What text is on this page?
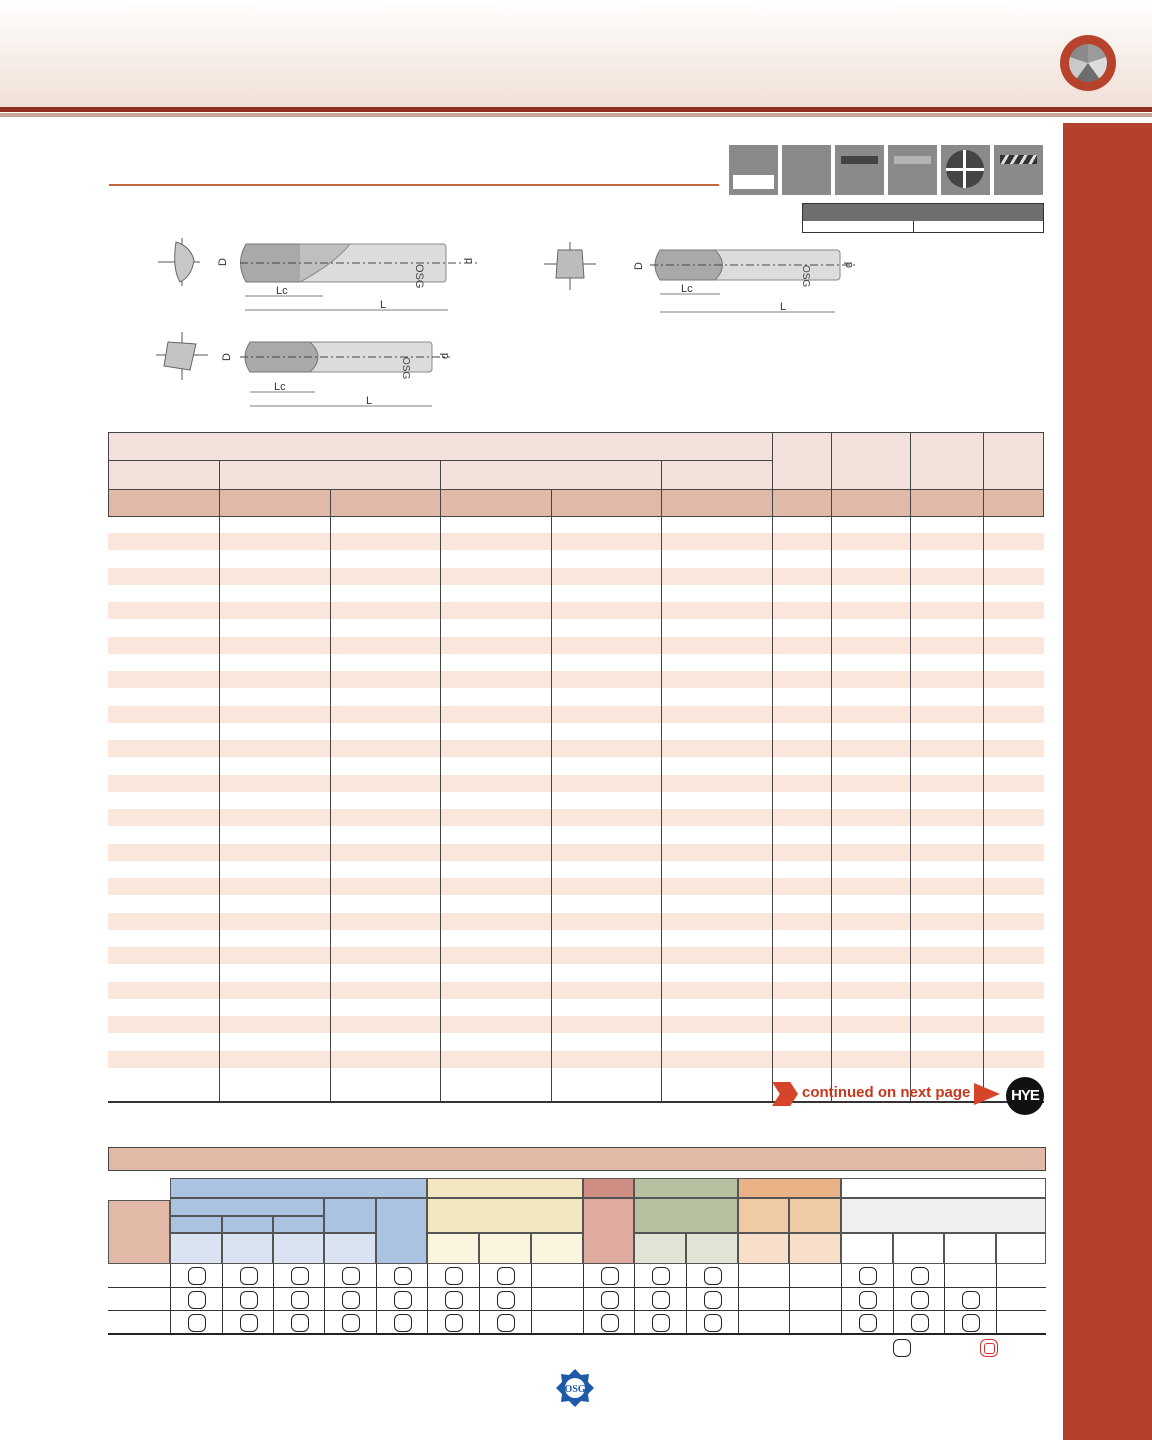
OSG
D	d
Lc
L
OSG
D	d
Lc
L
OSG
D	d
Lc
L
continued on next page	HYE
OSG
